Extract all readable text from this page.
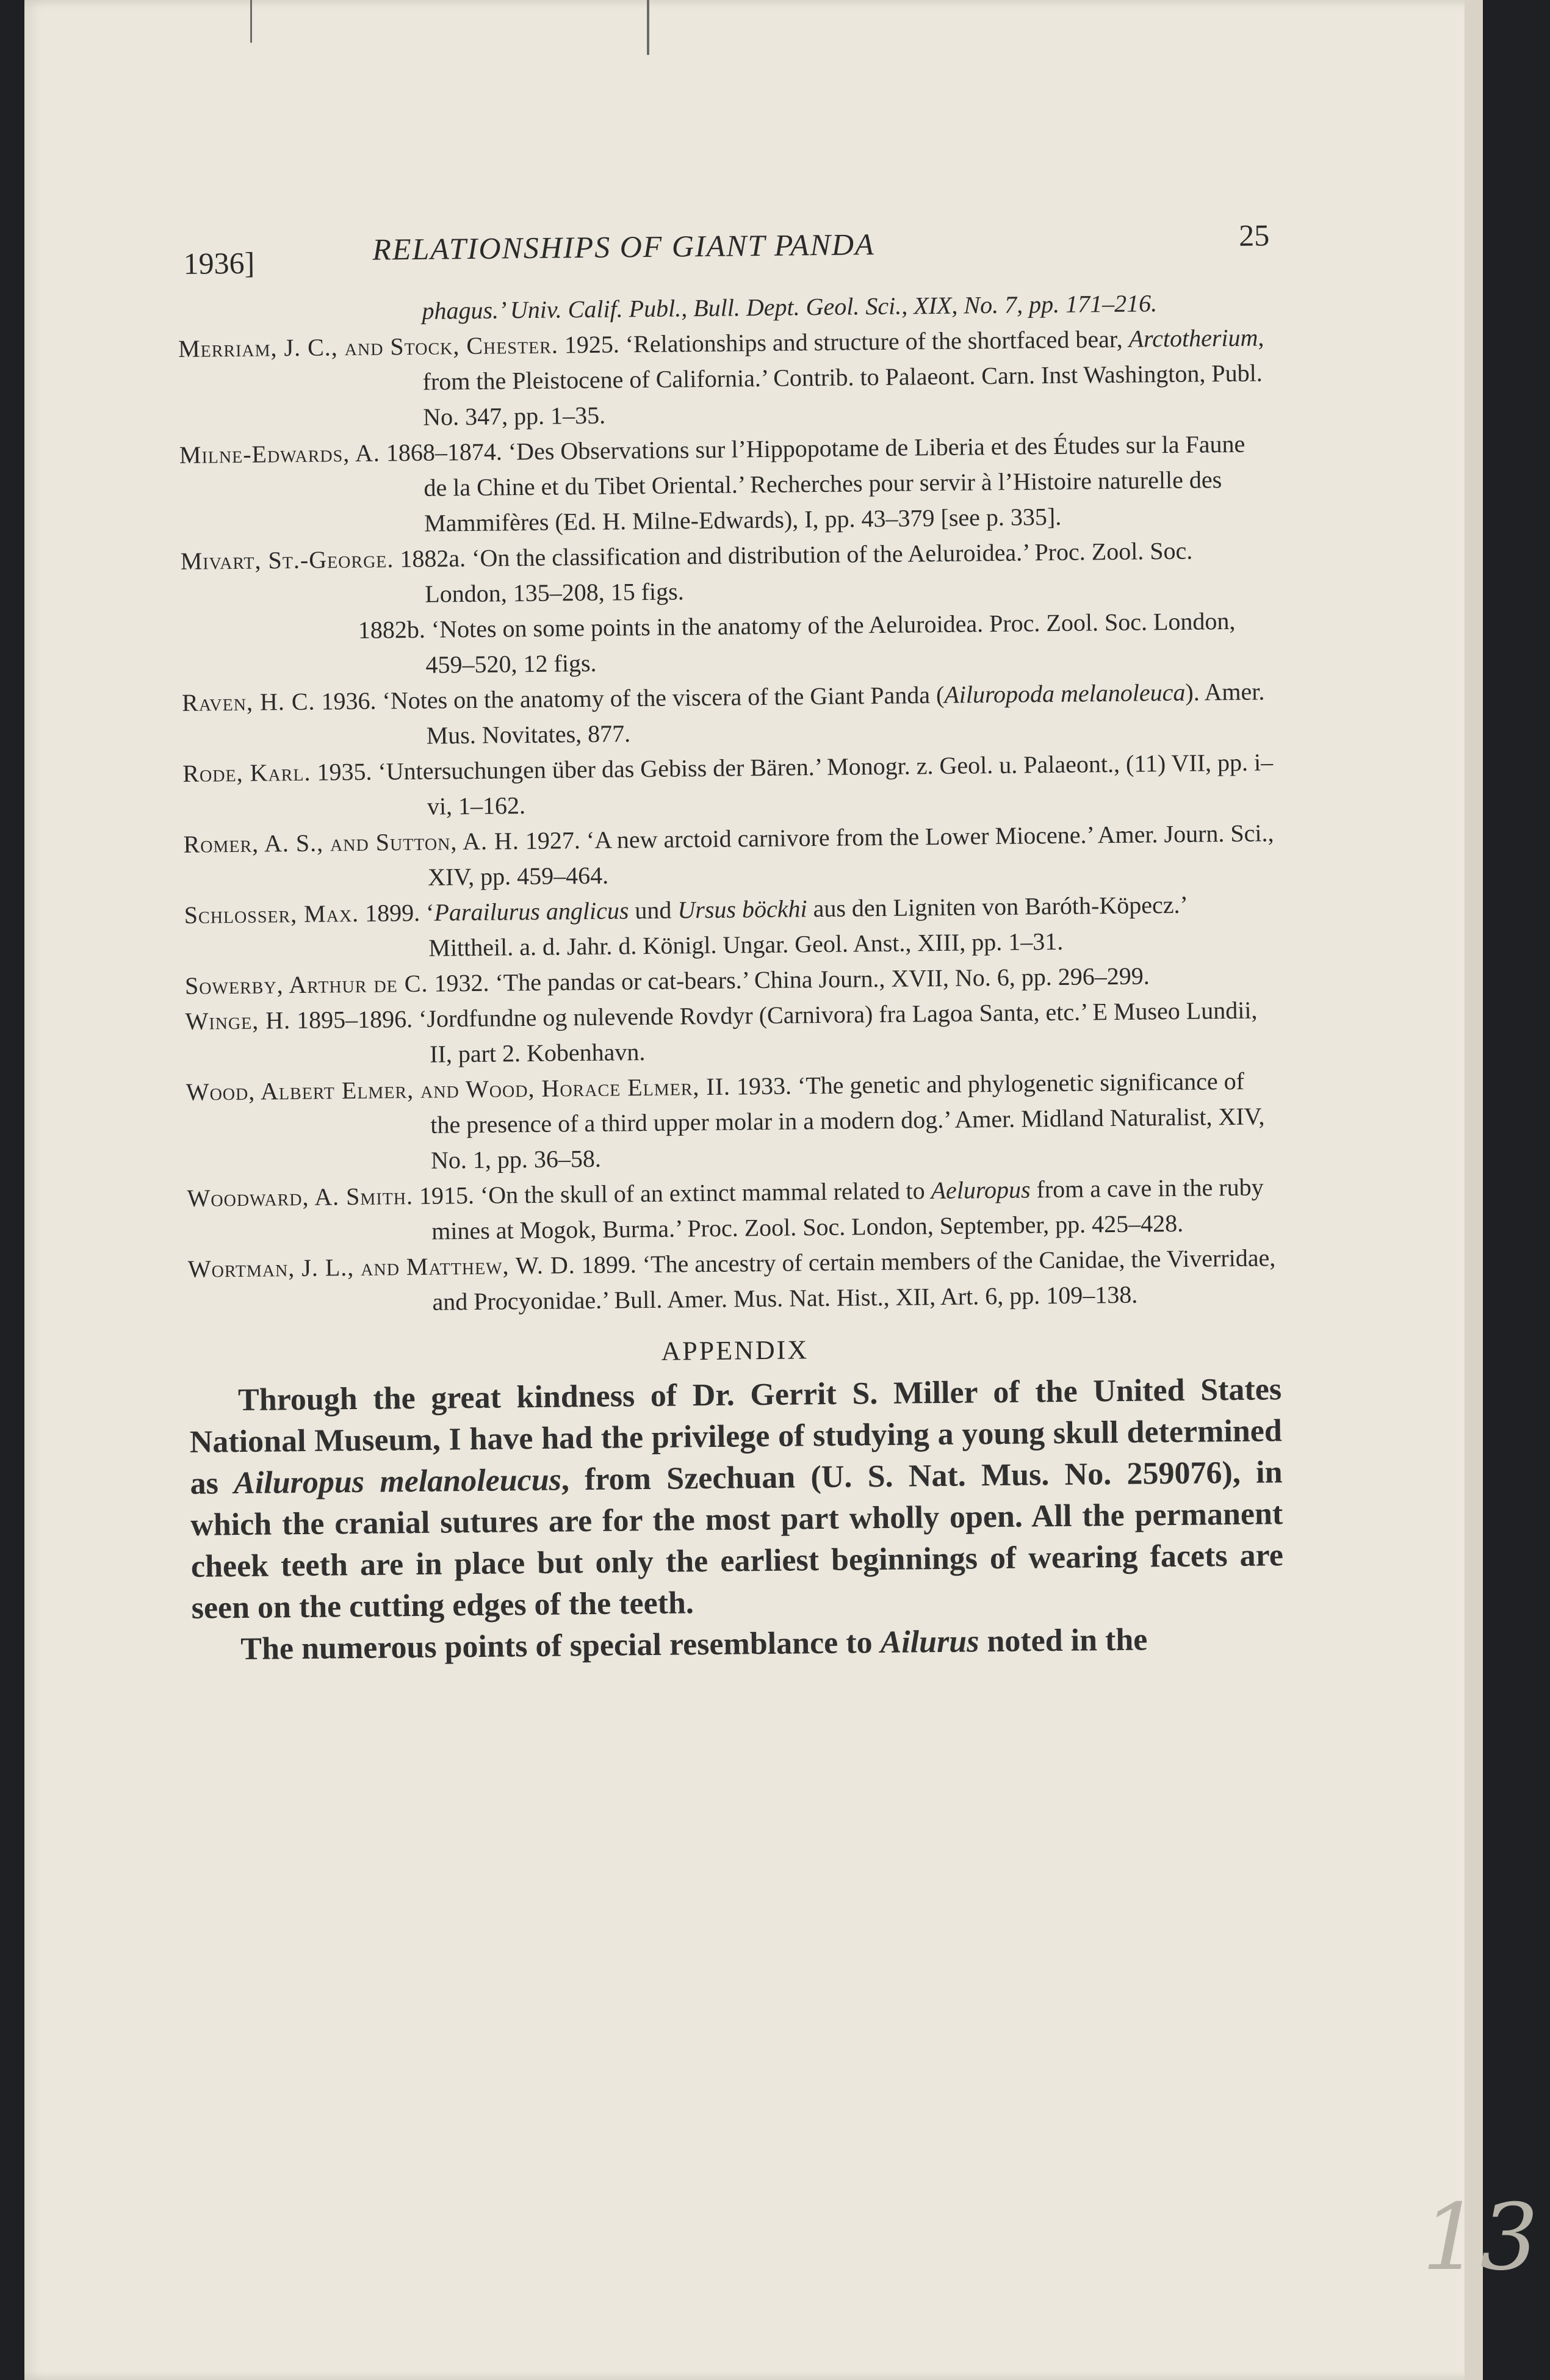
1936]	RELATIONSHIPS OF GIANT PANDA	25

phagus.’ Univ. Calif. Publ., Bull. Dept. Geol. Sci., XIX, No. 7, pp. 171–216.

Merriam, J. C., and Stock, Chester. 1925. ‘Relationships and structure of the shortfaced bear, Arctotherium, from the Pleistocene of California.’ Contrib. to Palaeont. Carn. Inst Washington, Publ. No. 347, pp. 1–35.

Milne-Edwards, A. 1868–1874. ‘Des Observations sur l’Hippopotame de Liberia et des Études sur la Faune de la Chine et du Tibet Oriental.’ Recherches pour servir à l’Histoire naturelle des Mammifères (Ed. H. Milne-Edwards), I, pp. 43–379 [see p. 335].

Mivart, St.-George. 1882a. ‘On the classification and distribution of the Aeluroidea.’ Proc. Zool. Soc. London, 135–208, 15 figs.

1882b. ‘Notes on some points in the anatomy of the Aeluroidea. Proc. Zool. Soc. London, 459–520, 12 figs.

Raven, H. C. 1936. ‘Notes on the anatomy of the viscera of the Giant Panda (Ailuropoda melanoleuca). Amer. Mus. Novitates, 877.

Rode, Karl. 1935. ‘Untersuchungen über das Gebiss der Bären.’ Monogr. z. Geol. u. Palaeont., (11) VII, pp. i–vi, 1–162.

Romer, A. S., and Sutton, A. H. 1927. ‘A new arctoid carnivore from the Lower Miocene.’ Amer. Journ. Sci., XIV, pp. 459–464.

Schlosser, Max. 1899. ‘Parailurus anglicus und Ursus böckhi aus den Ligniten von Baróth-Köpecz.’ Mittheil. a. d. Jahr. d. Königl. Ungar. Geol. Anst., XIII, pp. 1–31.

Sowerby, Arthur de C. 1932. ‘The pandas or cat-bears.’ China Journ., XVII, No. 6, pp. 296–299.

Winge, H. 1895–1896. ‘Jordfundne og nulevende Rovdyr (Carnivora) fra Lagoa Santa, etc.’ E Museo Lundii, II, part 2. Kobenhavn.

Wood, Albert Elmer, and Wood, Horace Elmer, II. 1933. ‘The genetic and phylogenetic significance of the presence of a third upper molar in a modern dog.’ Amer. Midland Naturalist, XIV, No. 1, pp. 36–58.

Woodward, A. Smith. 1915. ‘On the skull of an extinct mammal related to Aeluropus from a cave in the ruby mines at Mogok, Burma.’ Proc. Zool. Soc. London, September, pp. 425–428.

Wortman, J. L., and Matthew, W. D. 1899. ‘The ancestry of certain members of the Canidae, the Viverridae, and Procyonidae.’ Bull. Amer. Mus. Nat. Hist., XII, Art. 6, pp. 109–138.

APPENDIX

Through the great kindness of Dr. Gerrit S. Miller of the United States National Museum, I have had the privilege of studying a young skull determined as Ailuropus melanoleucus, from Szechuan (U. S. Nat. Mus. No. 259076), in which the cranial sutures are for the most part wholly open. All the permanent cheek teeth are in place but only the earliest beginnings of wearing facets are seen on the cutting edges of the teeth.

The numerous points of special resemblance to Ailurus noted in the

13
